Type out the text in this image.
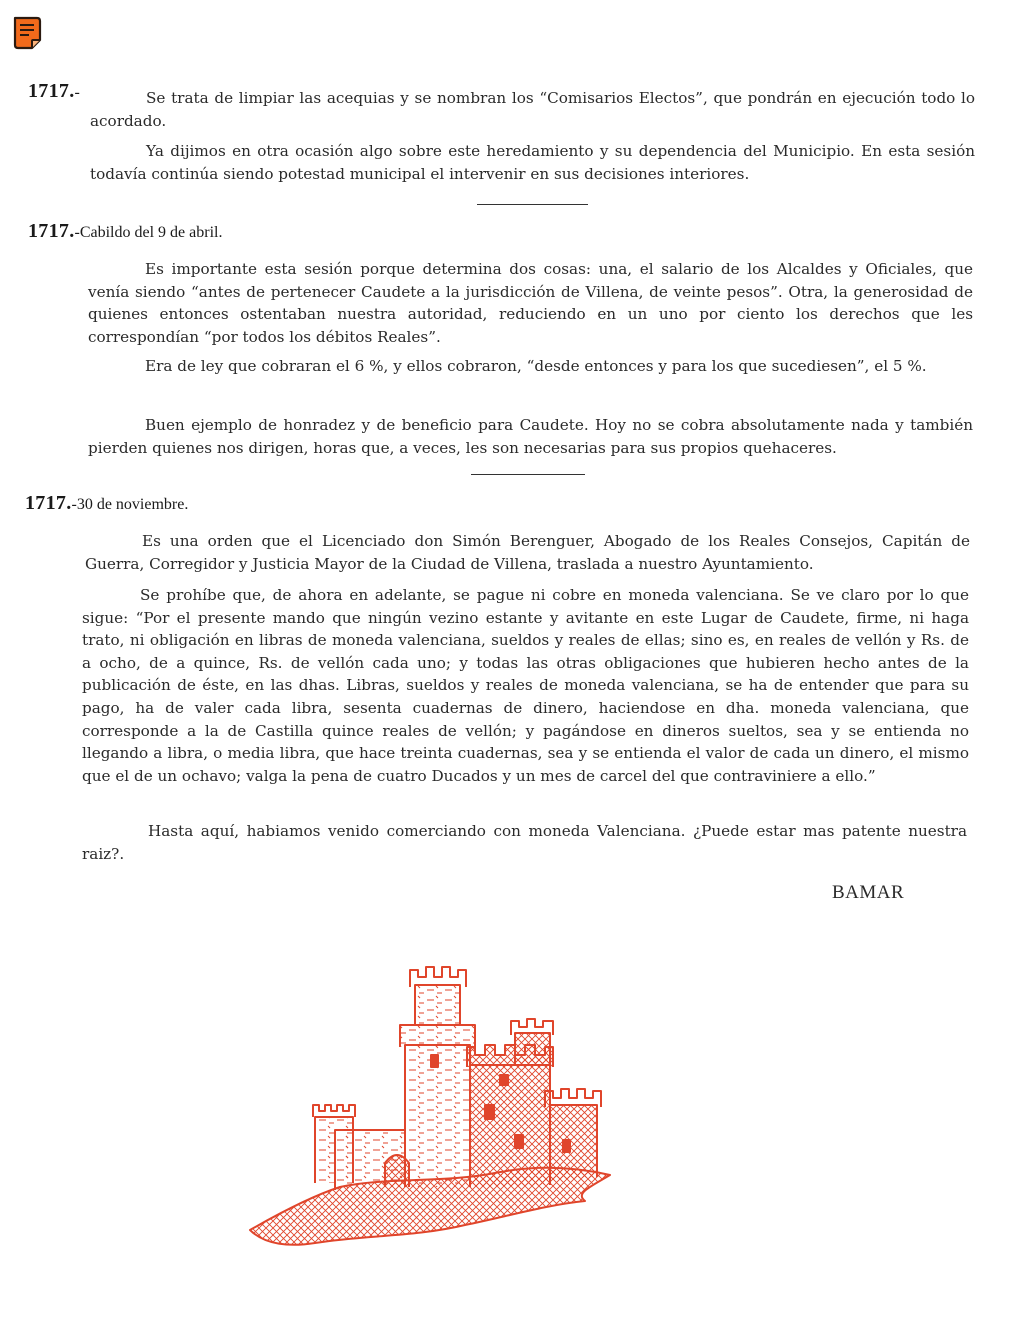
1717.-	Se trata de limpiar las acequias y se nombran los “Comisarios Electos”, que pondrán en ejecución todo lo acordado.

Ya dijimos en otra ocasión algo sobre este heredamiento y su dependencia del Municipio. En esta sesión todavía continúa siendo potestad municipal el intervenir en sus decisiones interiores.

1717.-Cabildo del 9 de abril.

Es importante esta sesión porque determina dos cosas: una, el salario de los Alcaldes y Oficiales, que venía siendo “antes de pertenecer Caudete a la jurisdicción de Villena, de veinte pesos”. Otra, la generosidad de quienes entonces ostentaban nuestra autoridad, reduciendo en un uno por ciento los derechos que les correspondían “por todos los débitos Reales”.

Era de ley que cobraran el 6 %, y ellos cobraron, “desde entonces y para los que sucediesen”, el 5 %.

Buen ejemplo de honradez y de beneficio para Caudete. Hoy no se cobra absolutamente nada y también pierden quienes nos dirigen, horas que, a veces, les son necesarias para sus propios quehaceres.

1717.-30 de noviembre.

Es una orden que el Licenciado don Simón Berenguer, Abogado de los Reales Consejos, Capitán de Guerra, Corregidor y Justicia Mayor de la Ciudad de Villena, traslada a nuestro Ayuntamiento.

Se prohíbe que, de ahora en adelante, se pague ni cobre en moneda valenciana. Se ve claro por lo que sigue: “Por el presente mando que ningún vezino estante y avitante en este Lugar de Caudete, firme, ni haga trato, ni obligación en libras de moneda valenciana, sueldos y reales de ellas; sino es, en reales de vellón y Rs. de a ocho, de a quince, Rs. de vellón cada uno; y todas las otras obligaciones que hubieren hecho antes de la publicación de éste, en las dhas. Libras, sueldos y reales de moneda valenciana, se ha de entender que para su pago, ha de valer cada libra, sesenta cuadernas de dinero, haciendose en dha. moneda valenciana, que corresponde a la de Castilla quince reales de vellón; y pagándose en dineros sueltos, sea y se entienda no llegando a libra, o media libra, que hace treinta cuadernas, sea y se entienda el valor de cada un dinero, el mismo que el de un ochavo; valga la pena de cuatro Ducados y un mes de carcel del que contraviniere a ello.”

Hasta aquí, habiamos venido comerciando con moneda Valenciana. ¿Puede estar mas patente nuestra raiz?.

BAMAR
